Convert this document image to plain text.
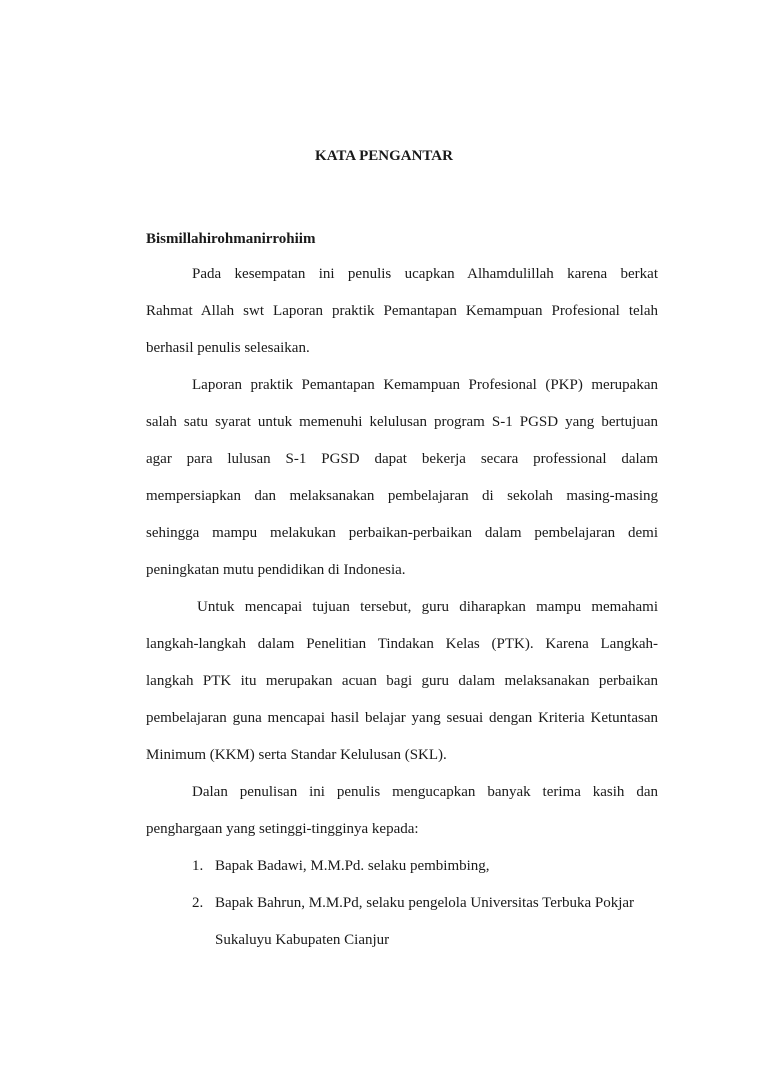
KATA PENGANTAR

Bismillahirohmanirrohiim

Pada kesempatan ini penulis ucapkan Alhamdulillah karena berkat
Rahmat Allah swt Laporan praktik Pemantapan Kemampuan Profesional telah
berhasil penulis selesaikan.
Laporan praktik Pemantapan Kemampuan Profesional (PKP) merupakan
salah satu syarat untuk memenuhi kelulusan program S-1 PGSD yang bertujuan
agar para lulusan S-1 PGSD dapat bekerja secara professional dalam
mempersiapkan dan melaksanakan pembelajaran di sekolah masing-masing
sehingga mampu melakukan perbaikan-perbaikan dalam pembelajaran demi
peningkatan mutu pendidikan di Indonesia.
Untuk mencapai tujuan tersebut, guru diharapkan mampu memahami
langkah-langkah dalam Penelitian Tindakan Kelas (PTK). Karena Langkah-
langkah PTK itu merupakan acuan bagi guru dalam melaksanakan perbaikan
pembelajaran guna mencapai hasil belajar yang sesuai dengan Kriteria Ketuntasan
Minimum (KKM) serta Standar Kelulusan (SKL).
Dalan penulisan ini penulis mengucapkan banyak terima kasih dan
penghargaan yang setinggi-tingginya kepada:
1. Bapak Badawi, M.M.Pd. selaku pembimbing,
2. Bapak Bahrun, M.M.Pd, selaku pengelola Universitas Terbuka Pokjar
Sukaluyu Kabupaten Cianjur
